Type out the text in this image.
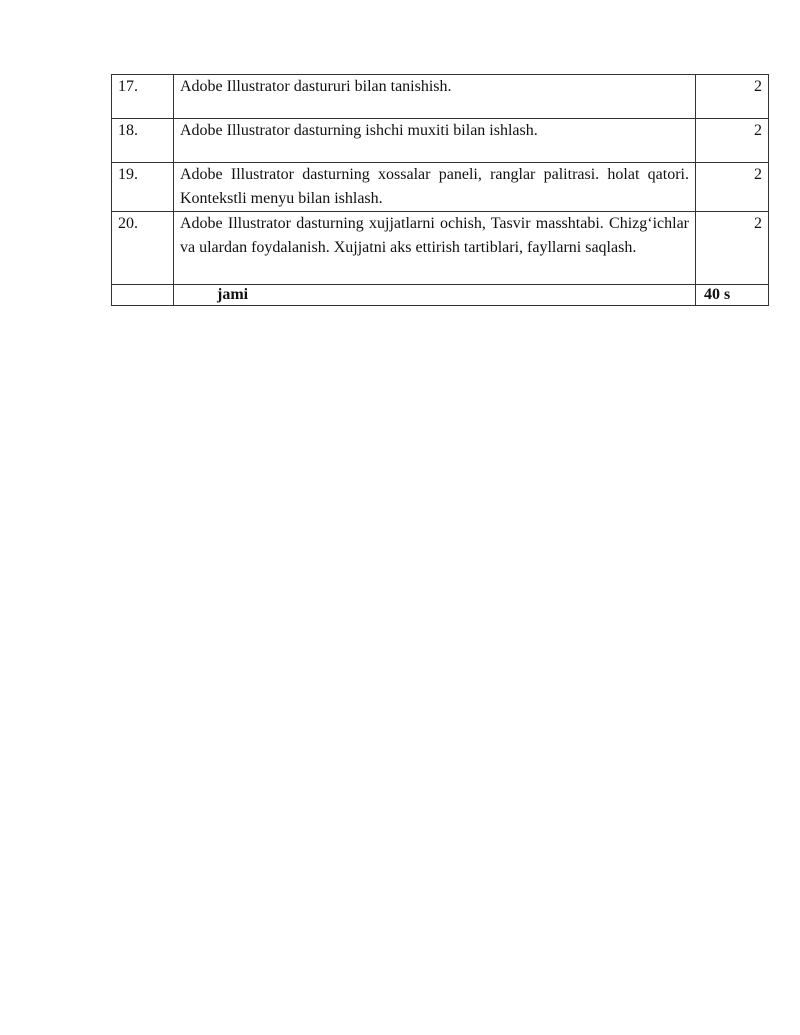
17.	Adobe Illustrator dastururi bilan tanishish.	2
18.	Adobe Illustrator dasturning ishchi muxiti bilan ishlash.	2
19.	Adobe Illustrator dasturning xossalar paneli, ranglar palitrasi. holat qatori. Kontekstli menyu bilan ishlash.	2
20.	Adobe Illustrator dasturning xujjatlarni ochish, Tasvir masshtabi. Chizg‘ichlar va ulardan foydalanish. Xujjatni aks ettirish tartiblari, fayllarni saqlash.	2
	jami	40 s
